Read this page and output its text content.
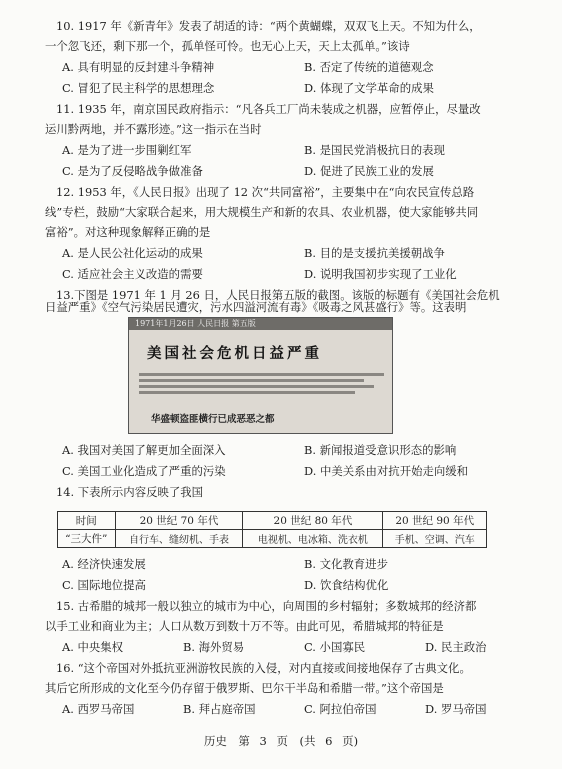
10. 1917 年《新青年》发表了胡适的诗：“两个黄蝴蝶，双双飞上天。不知为什么，
一个忽飞还，剩下那一个，孤单怪可怜。也无心上天，天上太孤单。”该诗
A. 具有明显的反封建斗争精神	B. 否定了传统的道德观念
C. 冒犯了民主科学的思想理念	D. 体现了文学革命的成果
11. 1935 年，南京国民政府指示：“凡各兵工厂尚未装成之机器，应暂停止，尽量改
运川黔两地，并不露形迹。”这一指示在当时
A. 是为了进一步围剿红军	B. 是国民党消极抗日的表现
C. 是为了反侵略战争做准备	D. 促进了民族工业的发展
12. 1953 年，《人民日报》出现了 12 次“共同富裕”，主要集中在“向农民宣传总路
线”专栏，鼓励“大家联合起来，用大规模生产和新的农具、农业机器，使大家能够共同
富裕”。对这种现象解释正确的是
A. 是人民公社化运动的成果	B. 目的是支援抗美援朝战争
C. 适应社会主义改造的需要	D. 说明我国初步实现了工业化
13.下图是 1971 年 1 月 26 日，人民日报第五版的截图。该版的标题有《美国社会危机
日益严重》《空气污染居民遭灾，污水四溢河流有毒》《吸毒之风甚盛行》等。这表明
1971年1月26日 人民日报 第五版
美国社会危机日益严重
华盛顿盗匪横行已成恶恶之都
A. 我国对美国了解更加全面深入	B. 新闻报道受意识形态的影响
C. 美国工业化造成了严重的污染	D. 中美关系由对抗开始走向缓和
14. 下表所示内容反映了我国
时间	20 世纪 70 年代	20 世纪 80 年代	20 世纪 90 年代
“三大件”	自行车、缝纫机、手表	电视机、电冰箱、洗衣机	手机、空调、汽车
A. 经济快速发展	B. 文化教育进步
C. 国际地位提高	D. 饮食结构优化
15. 古希腊的城邦一般以独立的城市为中心，向周围的乡村辐射；多数城邦的经济都
以手工业和商业为主；人口从数万到数十万不等。由此可见，希腊城邦的特征是
A. 中央集权	B. 海外贸易	C. 小国寡民	D. 民主政治
16. “这个帝国对外抵抗亚洲游牧民族的入侵，对内直接或间接地保存了古典文化。
其后它所形成的文化至今仍存留于俄罗斯、巴尔干半岛和希腊一带。”这个帝国是
A. 西罗马帝国	B. 拜占庭帝国	C. 阿拉伯帝国	D. 罗马帝国
历史　第 3 页　(共 6 页)
